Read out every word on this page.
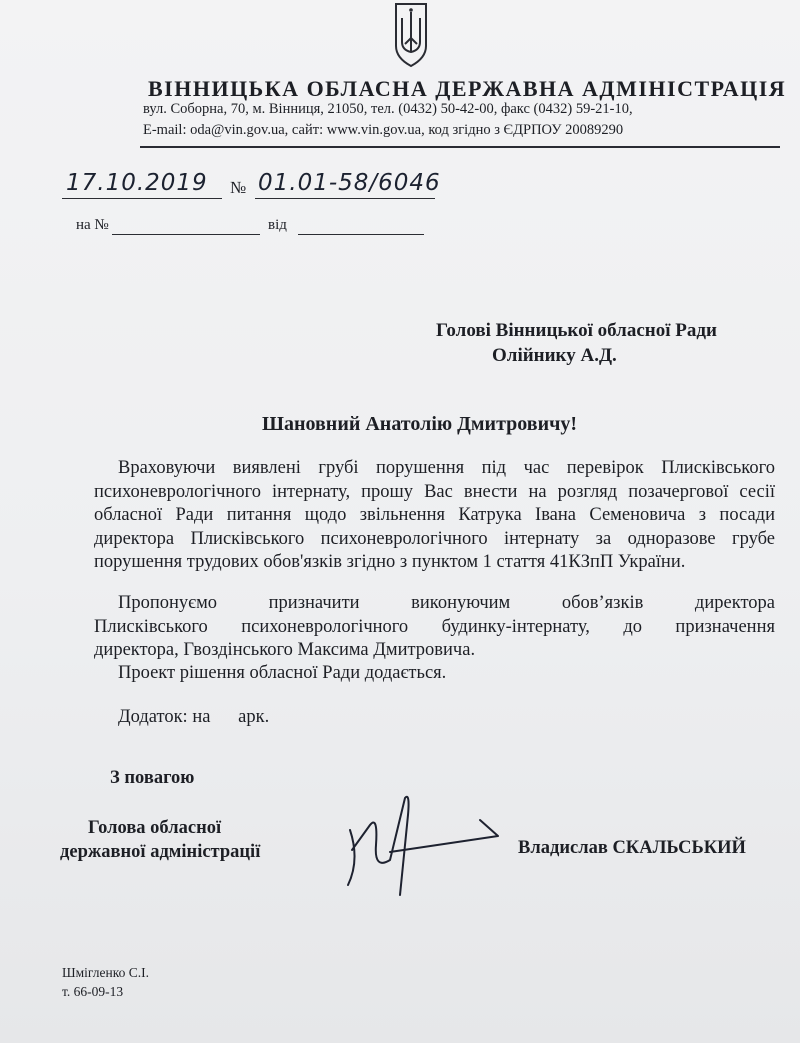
ВІННИЦЬКА ОБЛАСНА ДЕРЖАВНА АДМІНІСТРАЦІЯ
вул. Соборна, 70, м. Вінниця, 21050, тел. (0432) 50-42-00, факс (0432) 59-21-10,
E-mail: oda@vin.gov.ua, сайт: www.vin.gov.ua, код згідно з ЄДРПОУ 20089290
17.10.2019 № 01.01-58/6046
на №	від
Голові Вінницької обласної Ради
Олійнику А.Д.
Шановний Анатолію Дмитровичу!
Враховуючи виявлені грубі порушення під час перевірок Плисківського
психоневрологічного інтернату, прошу Вас внести на розгляд позачергової сесії
обласної Ради питання щодо звільнення Катрука Івана Семеновича з посади
директора Плисківського психоневрологічного інтернату за одноразове грубе
порушення трудових обов'язків згідно з пунктом 1 стаття 41КЗпП України.
Пропонуємо призначити виконуючим обов’язків директора
Плисківського психоневрологічного будинку-інтернату, до призначення
директора, Гвоздінського Максима Дмитровича.
Проект рішення обласної Ради додається.
Додаток: на      арк.
З повагою
Голова обласної
державної адміністрації	Владислав СКАЛЬСЬКИЙ
Шмігленко С.І.
т. 66-09-13
